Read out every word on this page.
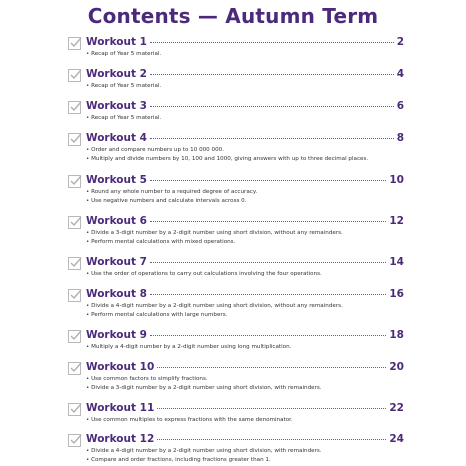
Contents — Autumn Term
Workout 1	2
• Recap of Year 5 material.
Workout 2	4
• Recap of Year 5 material.
Workout 3	6
• Recap of Year 5 material.
Workout 4	8
• Order and compare numbers up to 10 000 000.
• Multiply and divide numbers by 10, 100 and 1000, giving answers with up to three decimal places.
Workout 5	10
• Round any whole number to a required degree of accuracy.
• Use negative numbers and calculate intervals across 0.
Workout 6	12
• Divide a 3-digit number by a 2-digit number using short division, without any remainders.
• Perform mental calculations with mixed operations.
Workout 7	14
• Use the order of operations to carry out calculations involving the four operations.
Workout 8	16
• Divide a 4-digit number by a 2-digit number using short division, without any remainders.
• Perform mental calculations with large numbers.
Workout 9	18
• Multiply a 4-digit number by a 2-digit number using long multiplication.
Workout 10	20
• Use common factors to simplify fractions.
• Divide a 3-digit number by a 2-digit number using short division, with remainders.
Workout 11	22
• Use common multiples to express fractions with the same denominator.
Workout 12	24
• Divide a 4-digit number by a 2-digit number using short division, with remainders.
• Compare and order fractions, including fractions greater than 1.
